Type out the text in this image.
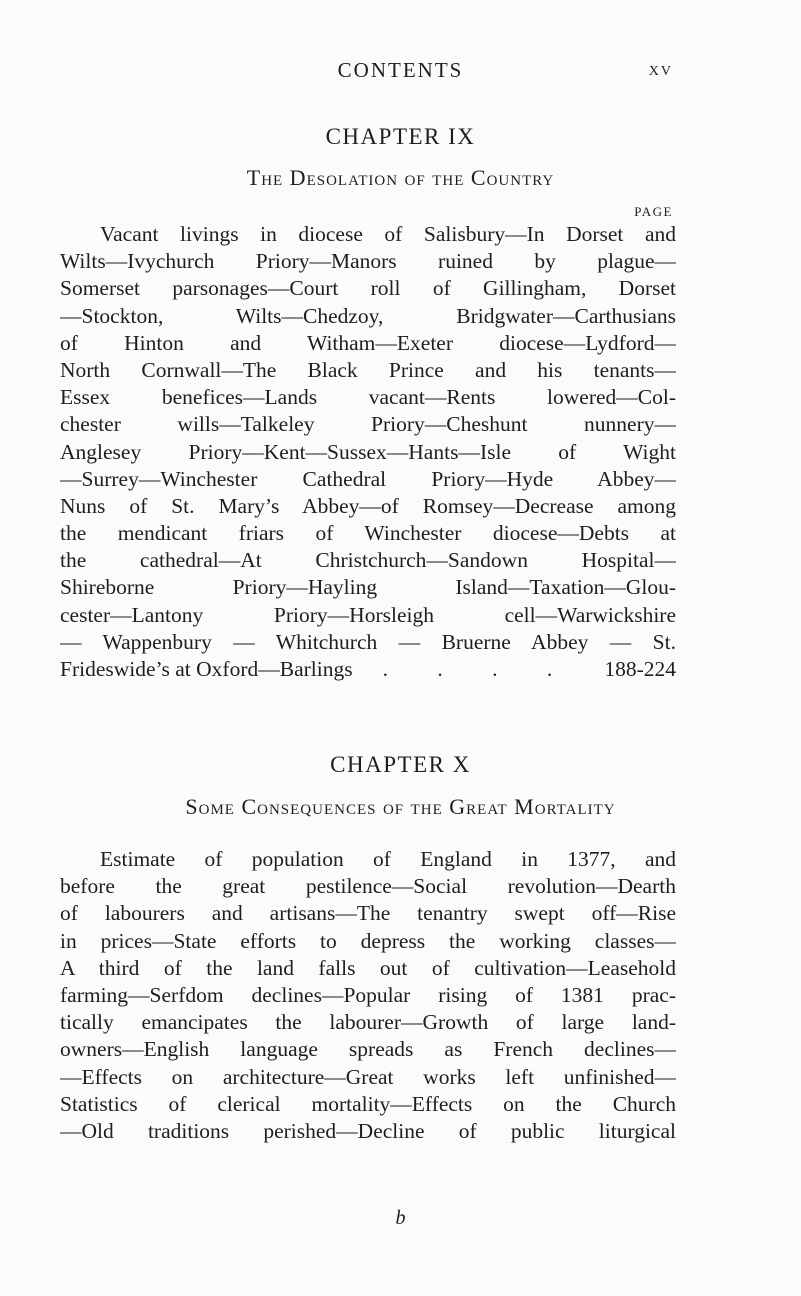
CONTENTS	XV
CHAPTER IX
The Desolation of the Country
PAGE
Vacant livings in diocese of Salisbury—In Dorset and
Wilts—Ivychurch Priory—Manors ruined by plague—
Somerset parsonages—Court roll of Gillingham, Dorset
—Stockton, Wilts—Chedzoy, Bridgwater—Carthusians
of Hinton and Witham—Exeter diocese—Lydford—
North Cornwall—The Black Prince and his tenants—
Essex benefices—Lands vacant—Rents lowered—Col-
chester wills—Talkeley Priory—Cheshunt nunnery—
Anglesey Priory—Kent—Sussex—Hants—Isle of Wight
—Surrey—Winchester Cathedral Priory—Hyde Abbey—
Nuns of St. Mary’s Abbey—of Romsey—Decrease among
the mendicant friars of Winchester diocese—Debts at
the cathedral—At Christchurch—Sandown Hospital—
Shireborne Priory—Hayling Island—Taxation—Glou-
cester—Lantony Priory—Horsleigh cell—Warwickshire
— Wappenbury — Whitchurch — Bruerne Abbey — St.
Frideswide’s at Oxford—Barlings . . . . 188-224
CHAPTER X
Some Consequences of the Great Mortality
Estimate of population of England in 1377, and
before the great pestilence—Social revolution—Dearth
of labourers and artisans—The tenantry swept off—Rise
in prices—State efforts to depress the working classes—
A third of the land falls out of cultivation—Leasehold
farming—Serfdom declines—Popular rising of 1381 prac-
tically emancipates the labourer—Growth of large land-
owners—English language spreads as French declines—
—Effects on architecture—Great works left unfinished—
Statistics of clerical mortality—Effects on the Church
—Old traditions perished—Decline of public liturgical
b
